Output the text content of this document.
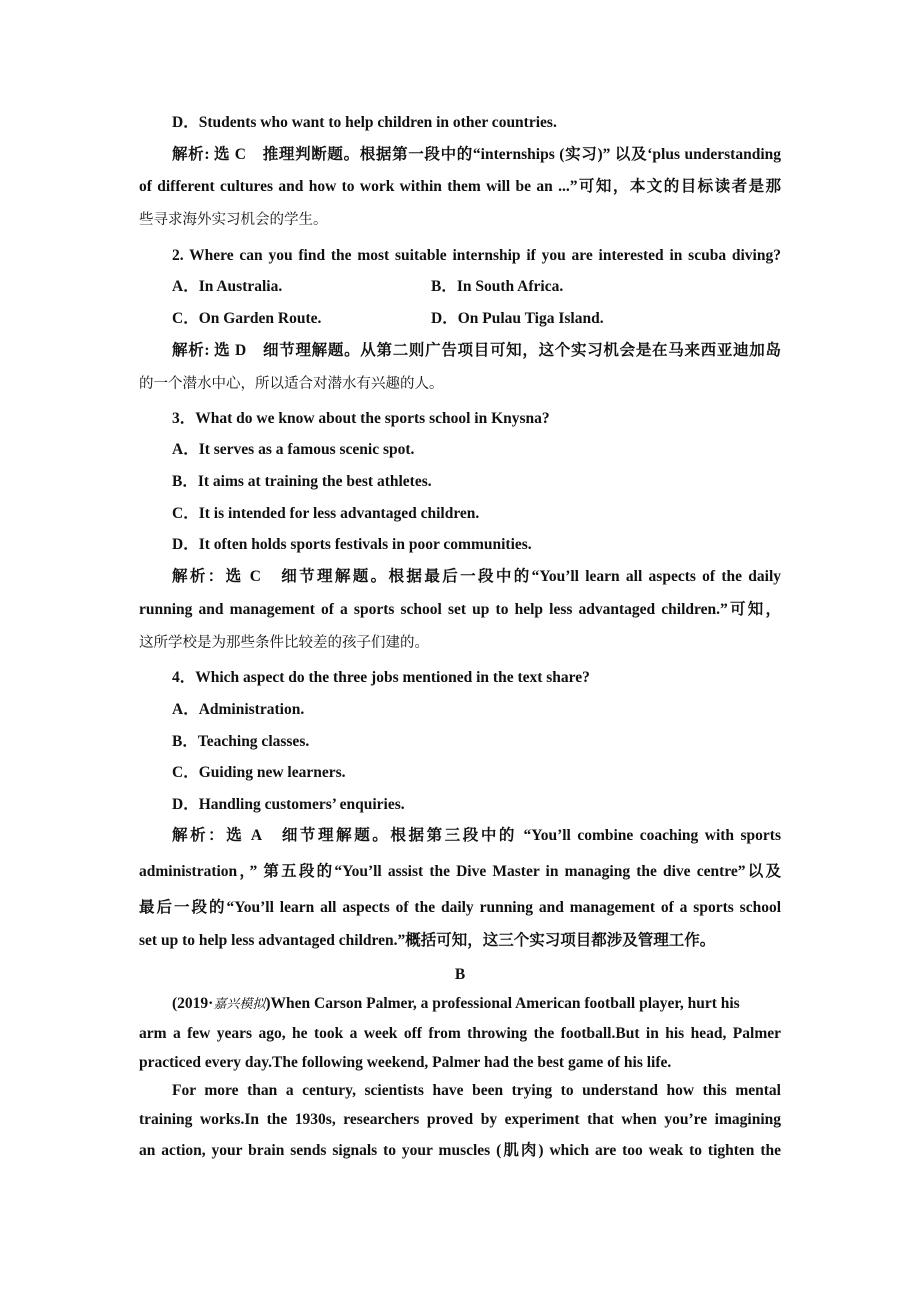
D．Students who want to help children in other countries.
解析: 选 C　推理判断题。根据第一段中的“internships (实习)” 以及‘plus understanding
of different cultures and how to work within them will be an ...”可知，本文的目标读者是那
些寻求海外实习机会的学生。
2. Where can you find the most suitable internship if you are interested in scuba diving?
A．In Australia.	B．In South Africa.
C．On Garden Route.	D．On Pulau Tiga Island.
解析: 选 D　细节理解题。从第二则广告项目可知，这个实习机会是在马来西亚迪加岛
的一个潜水中心，所以适合对潜水有兴趣的人。
3．What do we know about the sports school in Knysna?
A．It serves as a famous scenic spot.
B．It aims at training the best athletes.
C．It is intended for less advantaged children.
D．It often holds sports festivals in poor communities.
解析：选 C　细节理解题。根据最后一段中的“You’ll learn all aspects of the daily
running and management of a sports school set up to help less advantaged children.”可知，
这所学校是为那些条件比较差的孩子们建的。
4．Which aspect do the three jobs mentioned in the text share?
A．Administration.
B．Teaching classes.
C．Guiding new learners.
D．Handling customers’ enquiries.
解析：选 A　细节理解题。根据第三段中的 “You’ll combine coaching with sports
administration，” 第五段的“You’ll assist the Dive Master in managing the dive centre”以及
最后一段的“You’ll learn all aspects of the daily running and management of a sports school
set up to help less advantaged children.”概括可知，这三个实习项目都涉及管理工作。
B
(2019·嘉兴模拟)When Carson Palmer, a professional American football player, hurt his
arm a few years ago, he took a week off from throwing the football.But in his head, Palmer
practiced every day.The following weekend, Palmer had the best game of his life.
For more than a century, scientists have been trying to understand how this mental
training works.In the 1930s, researchers proved by experiment that when you’re imagining
an action, your brain sends signals to your muscles (肌肉) which are too weak to tighten the
